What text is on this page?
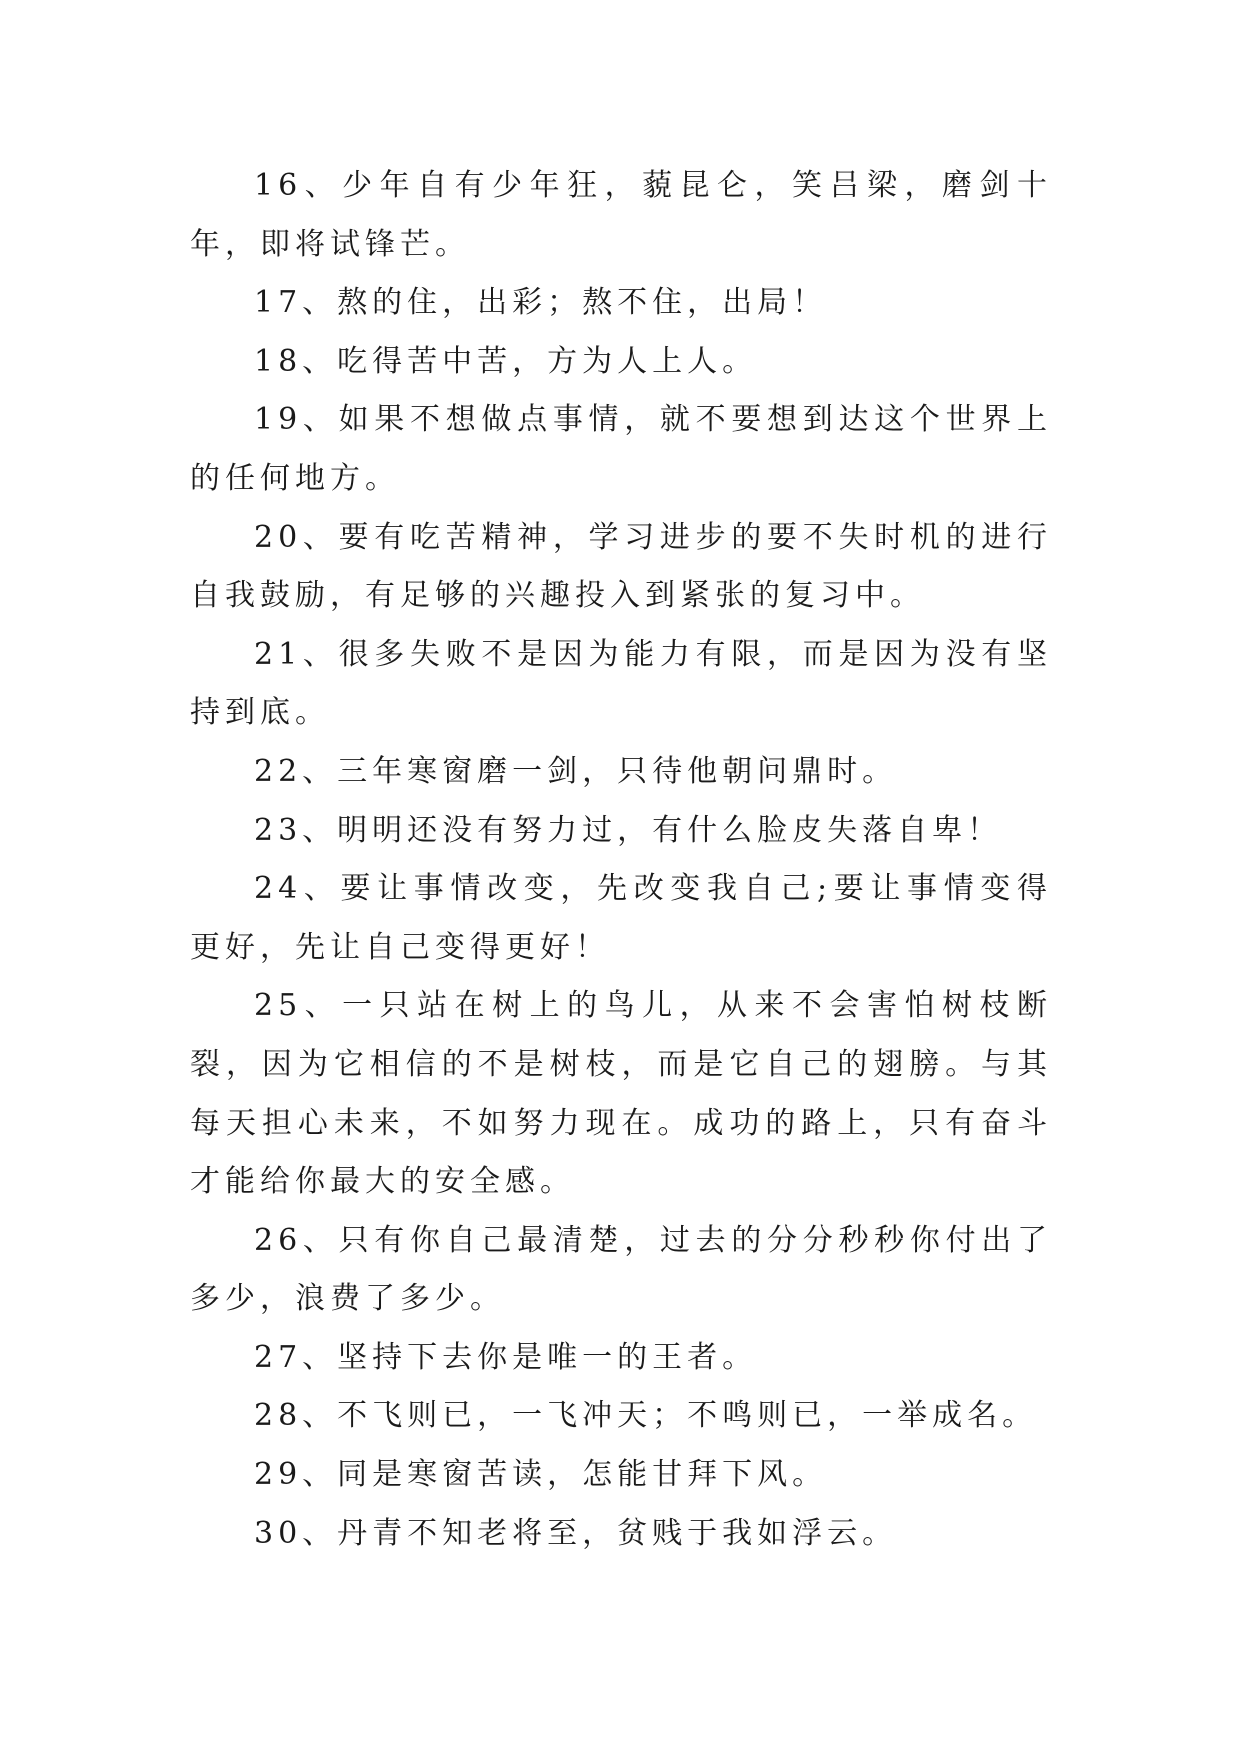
16、少年自有少年狂，藐昆仑，笑吕梁，磨剑十年，即将试锋芒。

17、熬的住，出彩；熬不住，出局！

18、吃得苦中苦，方为人上人。

19、如果不想做点事情，就不要想到达这个世界上的任何地方。

20、要有吃苦精神，学习进步的要不失时机的进行自我鼓励，有足够的兴趣投入到紧张的复习中。

21、很多失败不是因为能力有限，而是因为没有坚持到底。

22、三年寒窗磨一剑，只待他朝问鼎时。

23、明明还没有努力过，有什么脸皮失落自卑！

24、要让事情改变，先改变我自己;要让事情变得更好，先让自己变得更好！

25、一只站在树上的鸟儿，从来不会害怕树枝断裂，因为它相信的不是树枝，而是它自己的翅膀。与其每天担心未来，不如努力现在。成功的路上，只有奋斗才能给你最大的安全感。

26、只有你自己最清楚，过去的分分秒秒你付出了多少，浪费了多少。

27、坚持下去你是唯一的王者。

28、不飞则已，一飞冲天；不鸣则已，一举成名。

29、同是寒窗苦读，怎能甘拜下风。

30、丹青不知老将至，贫贱于我如浮云。
